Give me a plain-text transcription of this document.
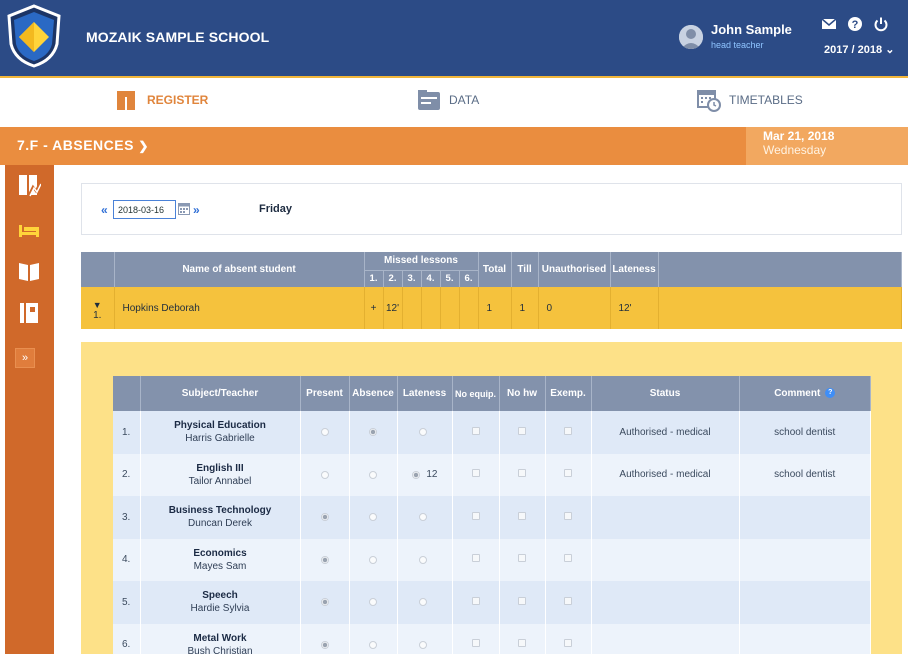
MOZAIK SAMPLE SCHOOL	John Sample
head teacher
?
2017 / 2018 ⌄
REGISTER	DATA	TIMETABLES
7.F - ABSENCES ❯
Mar 21, 2018
Wednesday
»
«
2018-03-16	»	Friday
	Name of absent student	Missed lessons						Total	Till	Unauthorised	Lateness	
		1.	2.	3.	4.	5.	6.					
▼
1.	Hopkins Deborah	+	12'					1	1	0	12'	
	Subject/Teacher	Present	Absence	Lateness	No equip.	No hw	Exemp.	Status	Comment ?
1.	Physical Education
Harris Gabrielle							Authorised - medical	school dentist
2.	English III
Tailor Annabel			12				Authorised - medical	school dentist
3.	Business Technology
Duncan Derek								

4.	Economics
Mayes Sam								

5.	Speech
Hardie Sylvia								

6.	Metal Work
Bush Christian								
